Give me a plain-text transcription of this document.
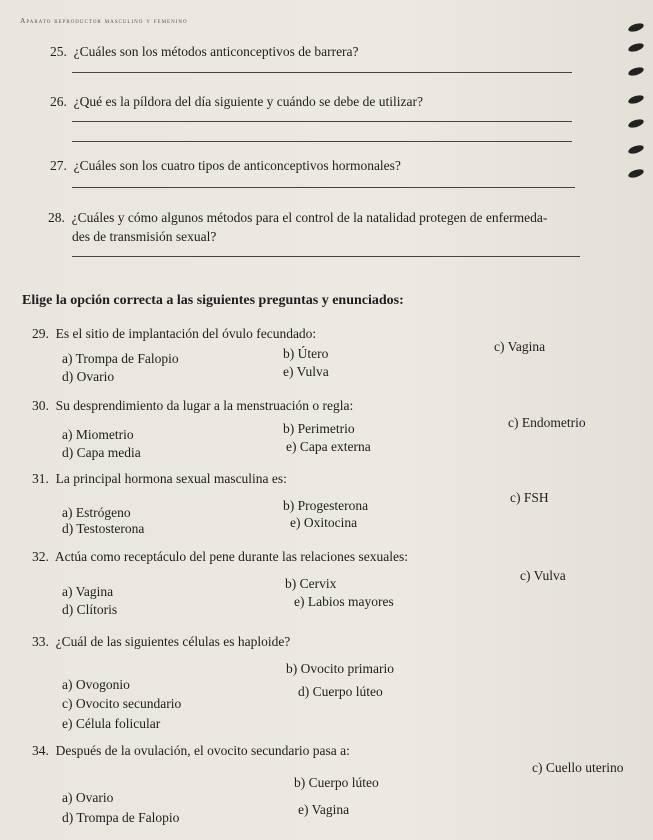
Aparato reproductor masculino y femenino
25. ¿Cuáles son los métodos anticonceptivos de barrera?
26. ¿Qué es la píldora del día siguiente y cuándo se debe de utilizar?
27. ¿Cuáles son los cuatro tipos de anticonceptivos hormonales?
28. ¿Cuáles y cómo algunos métodos para el control de la natalidad protegen de enfermeda-
des de transmisión sexual?
Elige la opción correcta a las siguientes preguntas y enunciados:
29. Es el sitio de implantación del óvulo fecundado:
a) Trompa de Falopio	b) Útero	c) Vagina
d) Ovario	e) Vulva
30. Su desprendimiento da lugar a la menstruación o regla:
a) Miometrio	b) Perimetrio	c) Endometrio
d) Capa media	e) Capa externa
31. La principal hormona sexual masculina es:
a) Estrógeno	b) Progesterona
c) FSH
d) Testosterona	e) Oxitocina
32. Actúa como receptáculo del pene durante las relaciones sexuales:
a) Vagina
b) Cervix
c) Vulva
d) Clítoris
e) Labios mayores
33. ¿Cuál de las siguientes células es haploide?
a) Ovogonio
b) Ovocito primario
c) Ovocito secundario
d) Cuerpo lúteo
e) Célula folicular
34. Después de la ovulación, el ovocito secundario pasa a:
a) Ovario
b) Cuerpo lúteo
c) Cuello uterino
d) Trompa de Falopio
e) Vagina
